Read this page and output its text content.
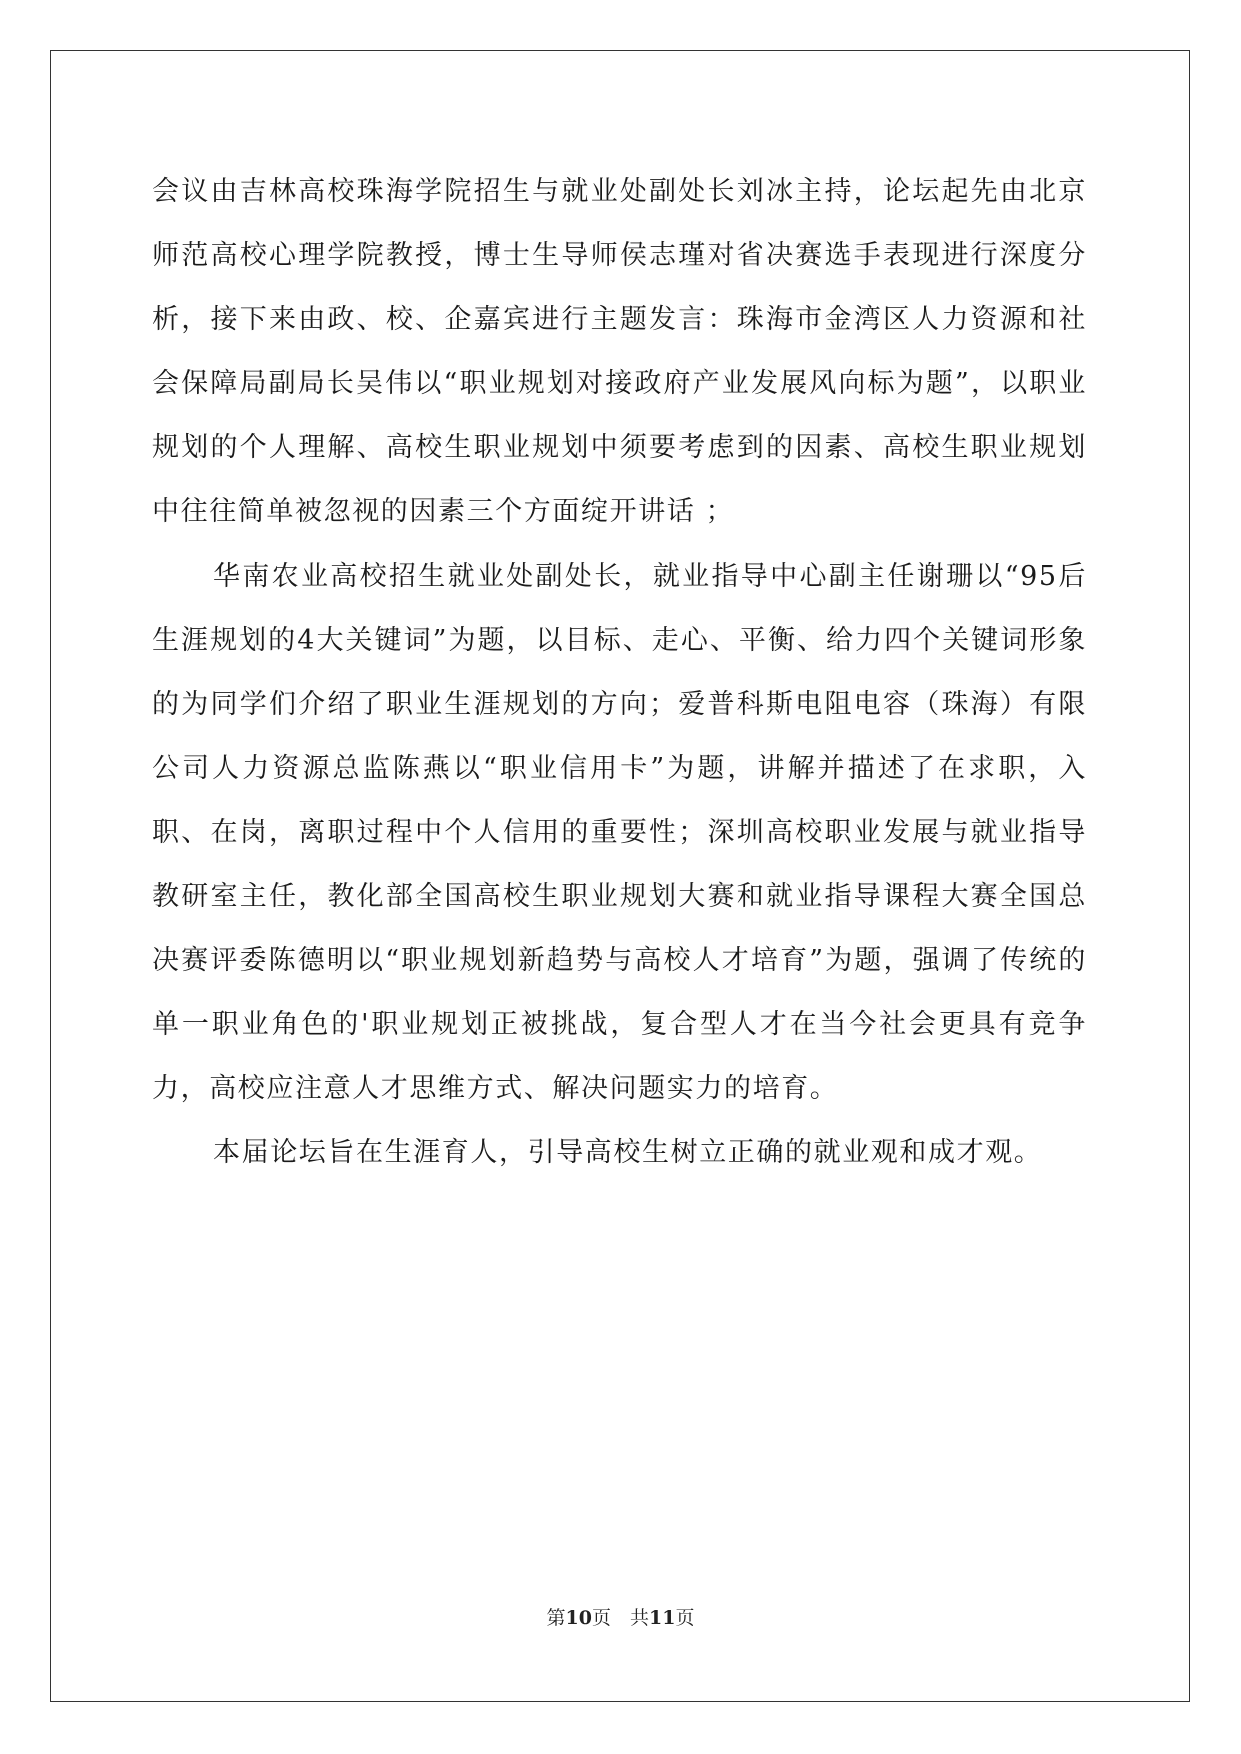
会议由吉林高校珠海学院招生与就业处副处长刘冰主持，论坛起先由北京师范高校心理学院教授，博士生导师侯志瑾对省决赛选手表现进行深度分析，接下来由政、校、企嘉宾进行主题发言：珠海市金湾区人力资源和社会保障局副局长吴伟以“职业规划对接政府产业发展风向标为题”，以职业规划的个人理解、高校生职业规划中须要考虑到的因素、高校生职业规划中往往简单被忽视的因素三个方面绽开讲话 ；

华南农业高校招生就业处副处长，就业指导中心副主任谢珊以“95后生涯规划的4大关键词”为题，以目标、走心、平衡、给力四个关键词形象的为同学们介绍了职业生涯规划的方向；爱普科斯电阻电容（珠海）有限公司人力资源总监陈燕以“职业信用卡”为题，讲解并描述了在求职，入职、在岗，离职过程中个人信用的重要性；深圳高校职业发展与就业指导教研室主任，教化部全国高校生职业规划大赛和就业指导课程大赛全国总决赛评委陈德明以“职业规划新趋势与高校人才培育”为题，强调了传统的单一职业角色的'职业规划正被挑战，复合型人才在当今社会更具有竞争力，高校应注意人才思维方式、解决问题实力的培育。

本届论坛旨在生涯育人，引导高校生树立正确的就业观和成才观。

第10页　共11页
